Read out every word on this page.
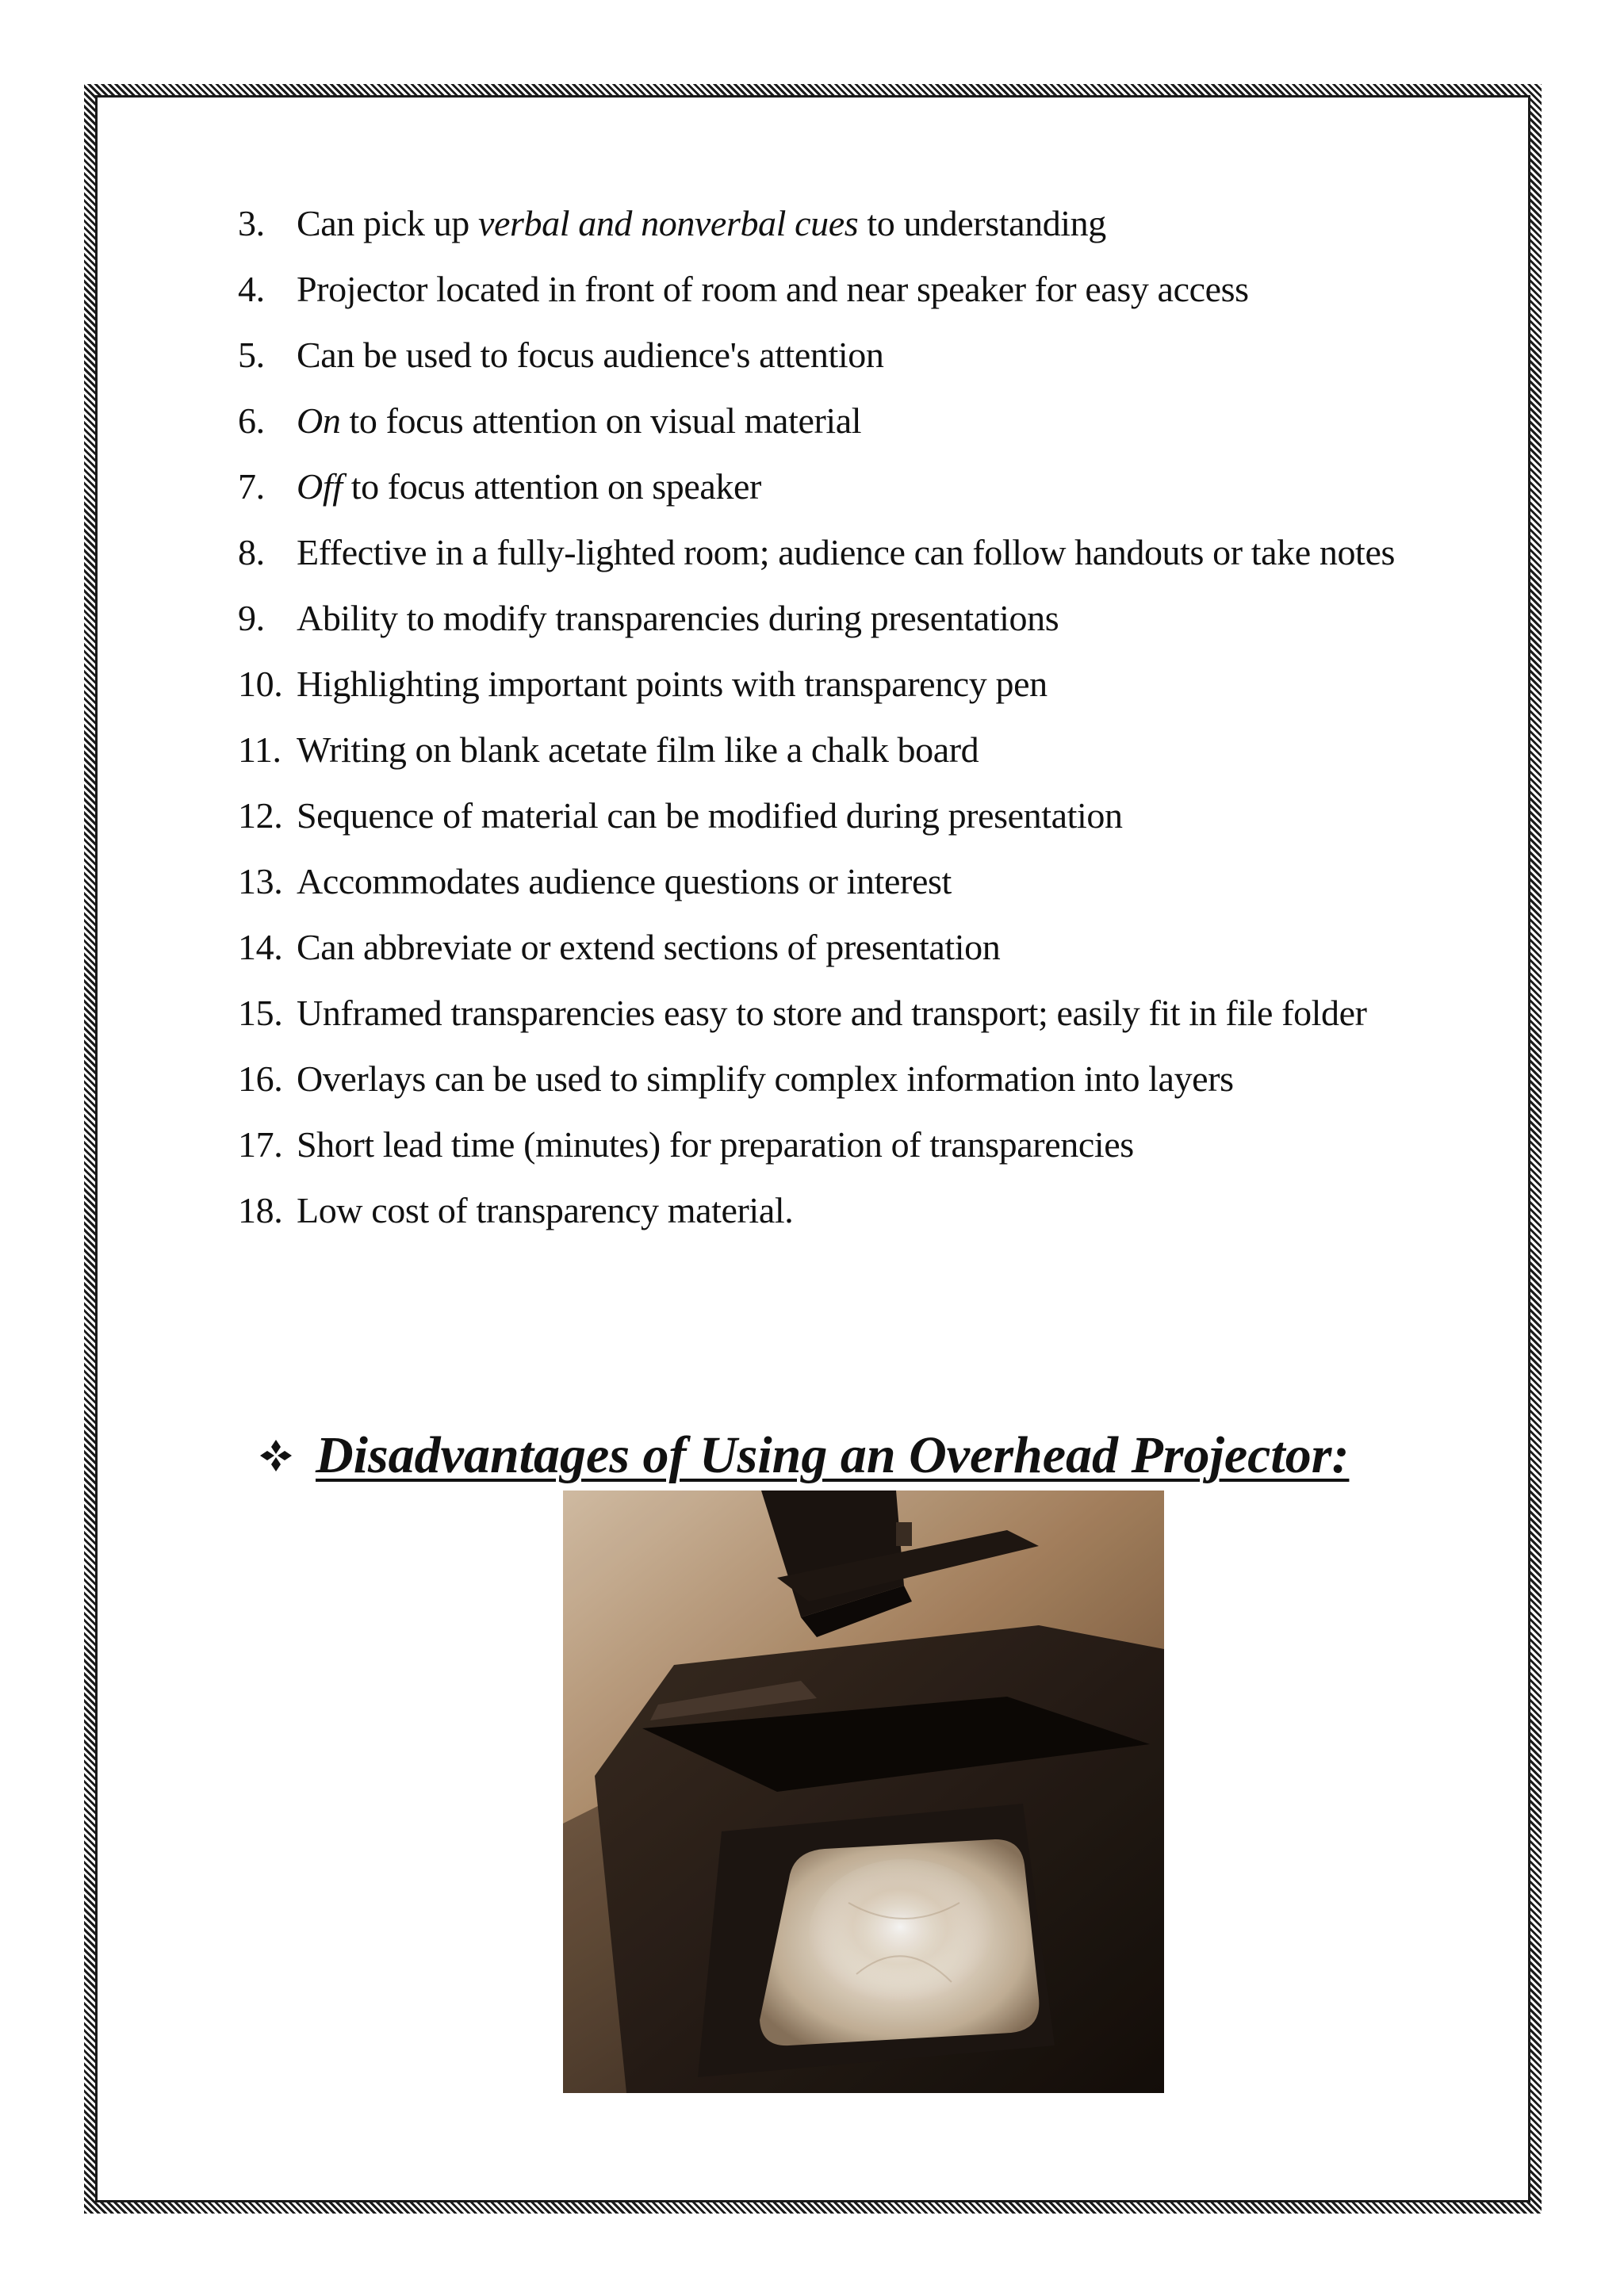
3. Can pick up verbal and nonverbal cues to understanding
4. Projector located in front of room and near speaker for easy access
5. Can be used to focus audience's attention
6. On to focus attention on visual material
7. Off to focus attention on speaker
8. Effective in a fully-lighted room; audience can follow handouts or take notes
9. Ability to modify transparencies during presentations
10. Highlighting important points with transparency pen
11. Writing on blank acetate film like a chalk board
12. Sequence of material can be modified during presentation
13. Accommodates audience questions or interest
14. Can abbreviate or extend sections of presentation
15. Unframed transparencies easy to store and transport; easily fit in file folder
16. Overlays can be used to simplify complex information into layers
17. Short lead time (minutes) for preparation of transparencies
18. Low cost of transparency material.
Disadvantages of Using an Overhead Projector:
